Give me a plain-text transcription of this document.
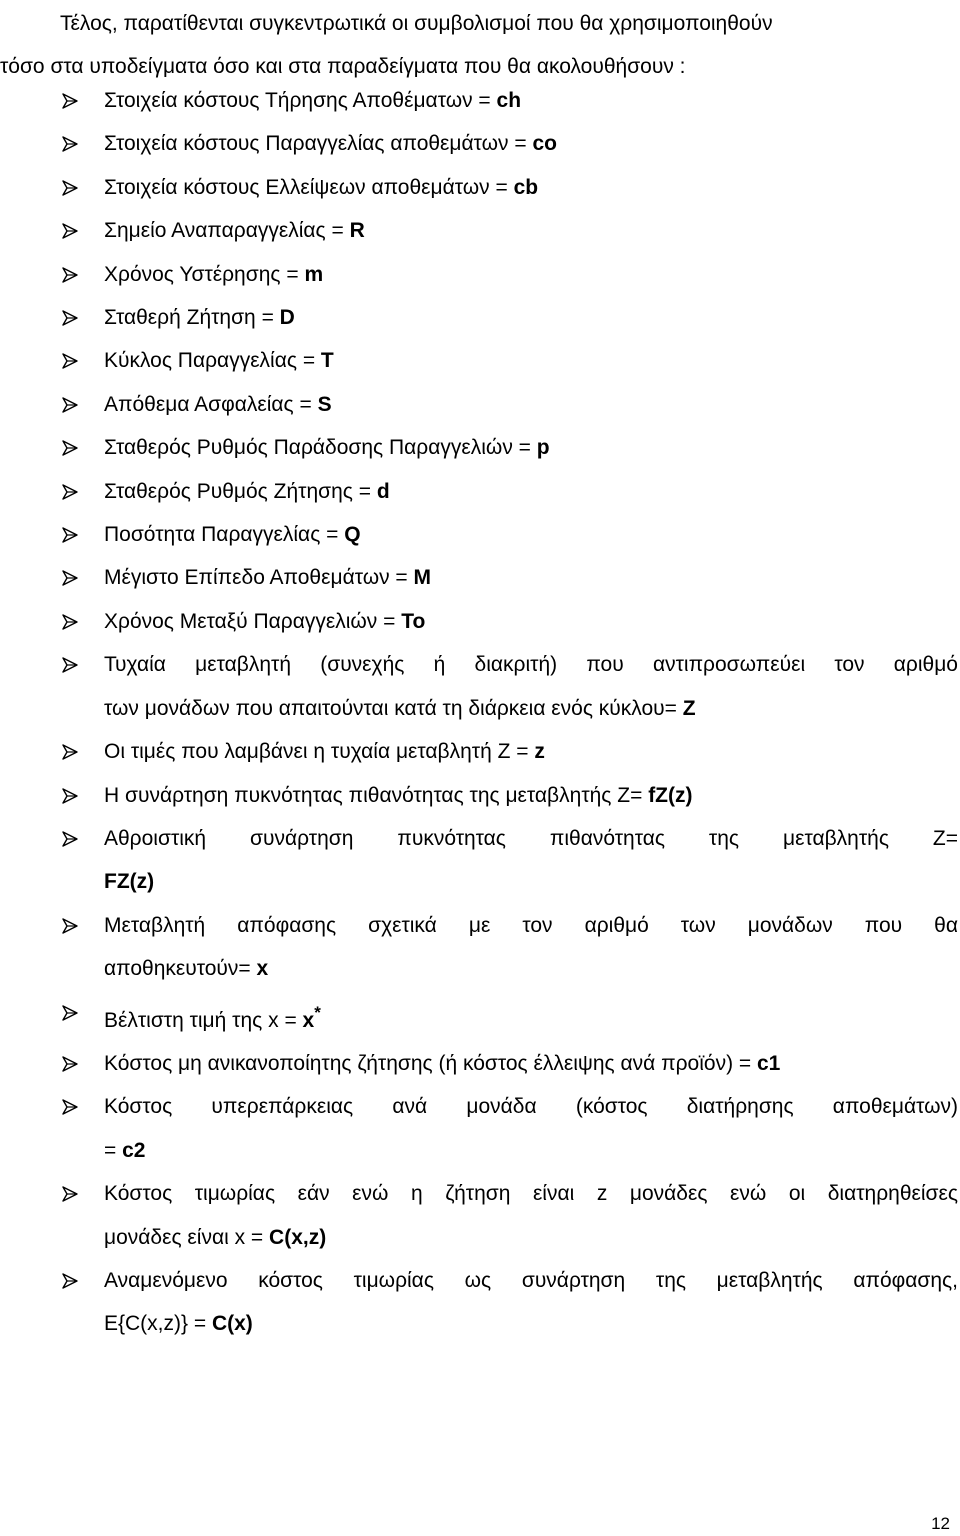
Τέλος, παρατίθενται συγκεντρωτικά οι συμβολισμοί που θα χρησιμοποιηθούν
τόσο στα υποδείγματα όσο και στα παραδείγματα που θα ακολουθήσουν :

Στοιχεία κόστους Τήρησης Αποθέματων = ch
Στοιχεία κόστους Παραγγελίας αποθεμάτων = co
Στοιχεία κόστους Ελλείψεων αποθεμάτων = cb
Σημείο Αναπαραγγελίας = R
Χρόνος Υστέρησης = m
Σταθερή Ζήτηση = D
Κύκλος Παραγγελίας = T
Απόθεμα Ασφαλείας = S
Σταθερός Ρυθμός Παράδοσης Παραγγελιών = p
Σταθερός Ρυθμός Ζήτησης = d
Ποσότητα Παραγγελίας = Q
Μέγιστο Επίπεδο Αποθεμάτων = M
Χρόνος Μεταξύ Παραγγελιών = To
Τυχαία μεταβλητή (συνεχής ή διακριτή) που αντιπροσωπεύει τον αριθμό
των μονάδων που απαιτούνται κατά τη διάρκεια ενός κύκλου= Z
Οι τιμές που λαμβάνει η τυχαία μεταβλητή Z = z
Η συνάρτηση πυκνότητας πιθανότητας της μεταβλητής Z= fZ(z)
Αθροιστική συνάρτηση πυκνότητας πιθανότητας της μεταβλητής Z=
FZ(z)
Μεταβλητή απόφασης σχετικά με τον αριθμό των μονάδων που θα
αποθηκευτούν= x
Βέλτιστη τιμή της x = x*
Κόστος μη ανικανοποίητης ζήτησης (ή κόστος έλλειψης ανά προϊόν) = c1
Κόστος υπερεπάρκειας ανά μονάδα (κόστος διατήρησης αποθεμάτων)
= c2
Κόστος τιμωρίας εάν ενώ η ζήτηση είναι z μονάδες ενώ οι διατηρηθείσες
μονάδες είναι x = C(x,z)
Αναμενόμενο κόστος τιμωρίας ως συνάρτηση της μεταβλητής απόφασης,
E{C(x,z)} = C(x)

12
